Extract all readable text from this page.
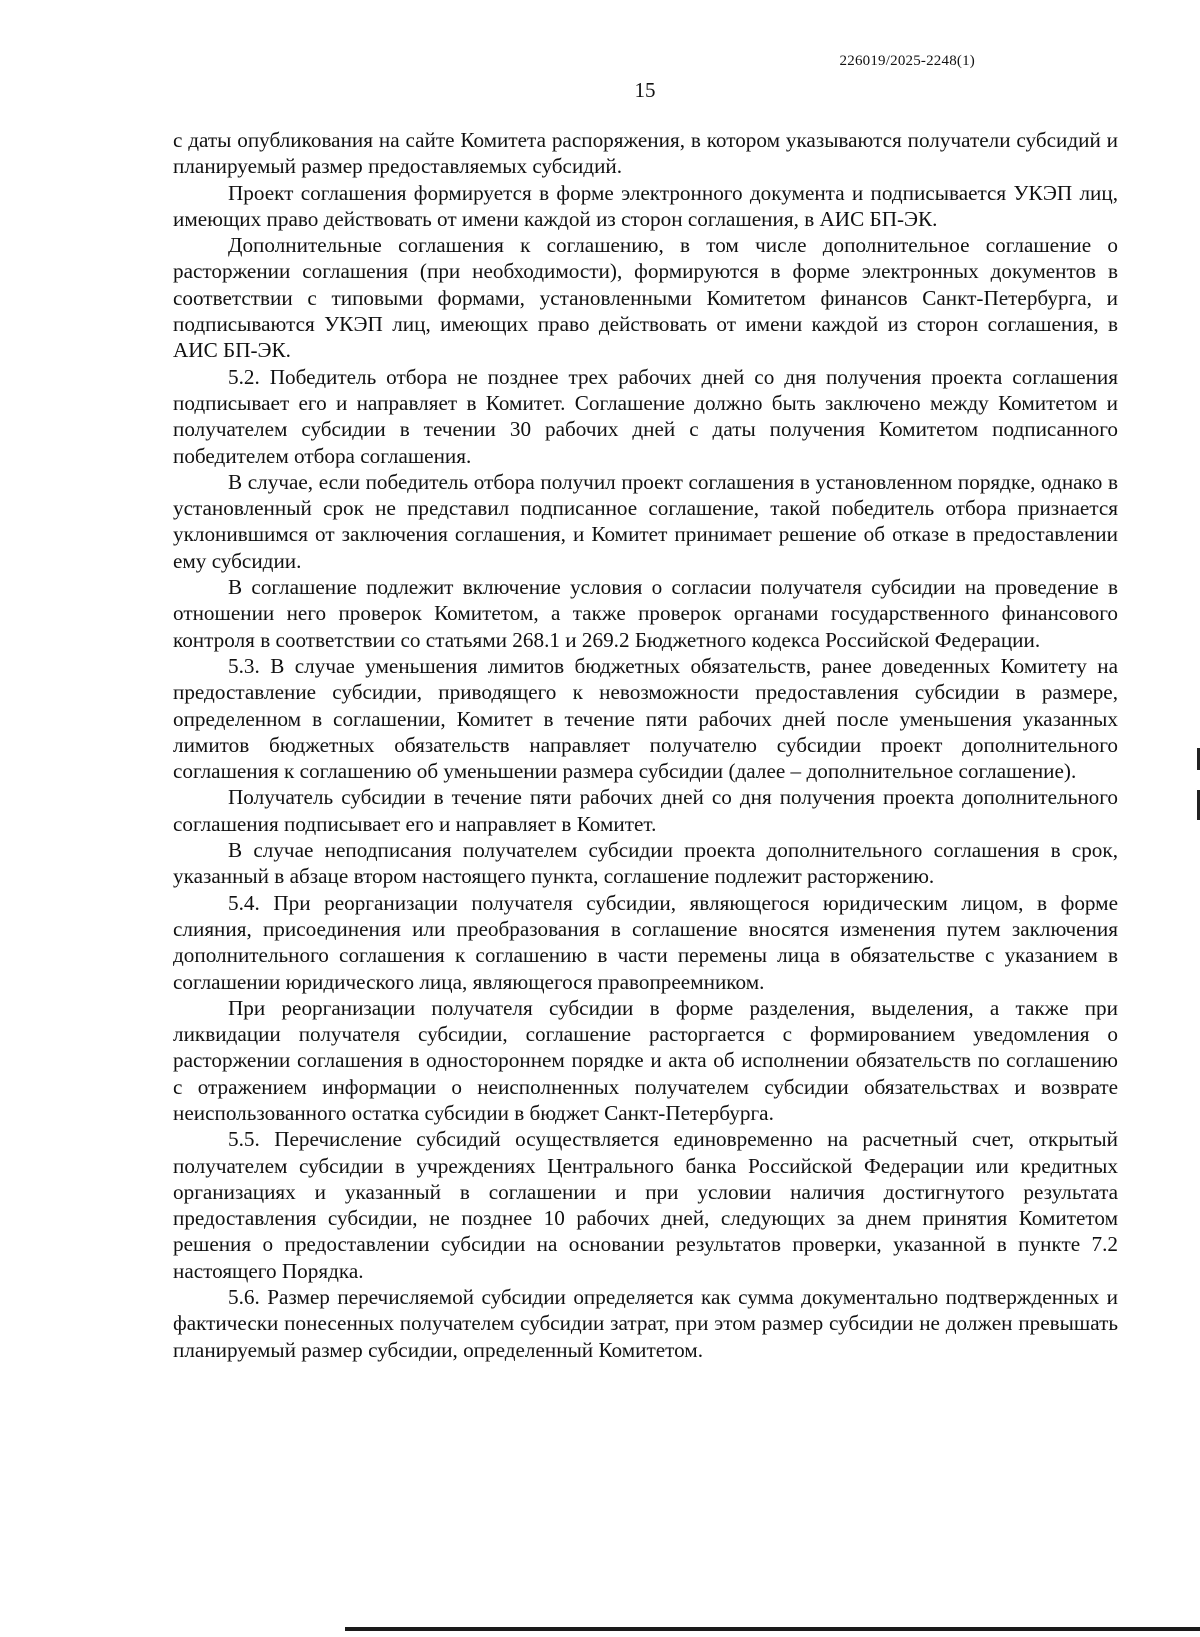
226019/2025-2248(1)
15

с даты опубликования на сайте Комитета распоряжения, в котором указываются получатели субсидий и планируемый размер предоставляемых субсидий.

Проект соглашения формируется в форме электронного документа и подписывается УКЭП лиц, имеющих право действовать от имени каждой из сторон соглашения, в АИС БП-ЭК.

Дополнительные соглашения к соглашению, в том числе дополнительное соглашение о расторжении соглашения (при необходимости), формируются в форме электронных документов в соответствии с типовыми формами, установленными Комитетом финансов Санкт-Петербурга, и подписываются УКЭП лиц, имеющих право действовать от имени каждой из сторон соглашения, в АИС БП-ЭК.

5.2. Победитель отбора не позднее трех рабочих дней со дня получения проекта соглашения подписывает его и направляет в Комитет. Соглашение должно быть заключено между Комитетом и получателем субсидии в течении 30 рабочих дней с даты получения Комитетом подписанного победителем отбора соглашения.

В случае, если победитель отбора получил проект соглашения в установленном порядке, однако в установленный срок не представил подписанное соглашение, такой победитель отбора признается уклонившимся от заключения соглашения, и Комитет принимает решение об отказе в предоставлении ему субсидии.

В соглашение подлежит включение условия о согласии получателя субсидии на проведение в отношении него проверок Комитетом, а также проверок органами государственного финансового контроля в соответствии со статьями 268.1 и 269.2 Бюджетного кодекса Российской Федерации.

5.3. В случае уменьшения лимитов бюджетных обязательств, ранее доведенных Комитету на предоставление субсидии, приводящего к невозможности предоставления субсидии в размере, определенном в соглашении, Комитет в течение пяти рабочих дней после уменьшения указанных лимитов бюджетных обязательств направляет получателю субсидии проект дополнительного соглашения к соглашению об уменьшении размера субсидии (далее – дополнительное соглашение).

Получатель субсидии в течение пяти рабочих дней со дня получения проекта дополнительного соглашения подписывает его и направляет в Комитет.

В случае неподписания получателем субсидии проекта дополнительного соглашения в срок, указанный в абзаце втором настоящего пункта, соглашение подлежит расторжению.

5.4. При реорганизации получателя субсидии, являющегося юридическим лицом, в форме слияния, присоединения или преобразования в соглашение вносятся изменения путем заключения дополнительного соглашения к соглашению в части перемены лица в обязательстве с указанием в соглашении юридического лица, являющегося правопреемником.

При реорганизации получателя субсидии в форме разделения, выделения, а также при ликвидации получателя субсидии, соглашение расторгается с формированием уведомления о расторжении соглашения в одностороннем порядке и акта об исполнении обязательств по соглашению с отражением информации о неисполненных получателем субсидии обязательствах и возврате неиспользованного остатка субсидии в бюджет Санкт-Петербурга.

5.5. Перечисление субсидий осуществляется единовременно на расчетный счет, открытый получателем субсидии в учреждениях Центрального банка Российской Федерации или кредитных организациях и указанный в соглашении и при условии наличия достигнутого результата предоставления субсидии, не позднее 10 рабочих дней, следующих за днем принятия Комитетом решения о предоставлении субсидии на основании результатов проверки, указанной в пункте 7.2 настоящего Порядка.

5.6. Размер перечисляемой субсидии определяется как сумма документально подтвержденных и фактически понесенных получателем субсидии затрат, при этом размер субсидии не должен превышать планируемый размер субсидии, определенный Комитетом.
